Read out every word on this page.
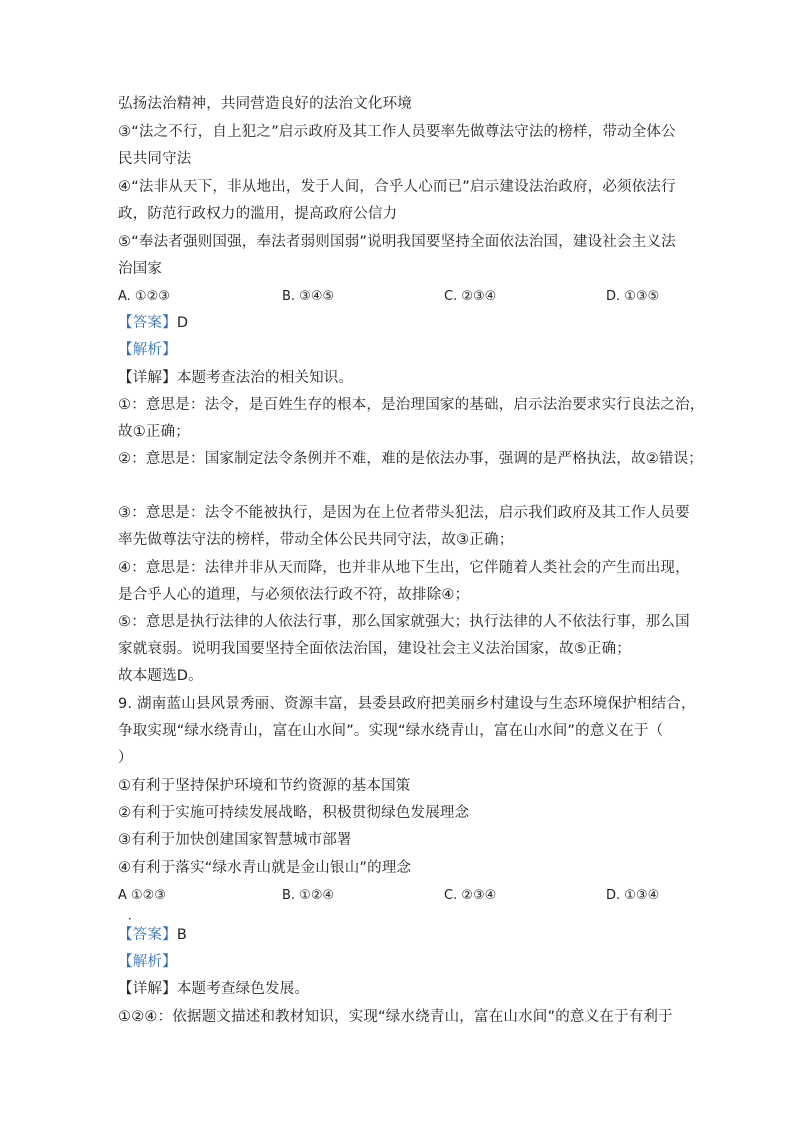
弘扬法治精神，共同营造良好的法治文化环境
③“法之不行，自上犯之”启示政府及其工作人员要率先做尊法守法的榜样，带动全体公
民共同守法
④“法非从天下，非从地出，发于人间，合乎人心而已”启示建设法治政府，必须依法行
政，防范行政权力的滥用，提高政府公信力
⑤“奉法者强则国强，奉法者弱则国弱”说明我国要坚持全面依法治国，建设社会主义法
治国家
A. ①②③	B. ③④⑤	C. ②③④	D. ①③⑤
【答案】D
【解析】
【详解】本题考查法治的相关知识。
①：意思是：法令，是百姓生存的根本，是治理国家的基础，启示法治要求实行良法之治，
故①正确；
②：意思是：国家制定法令条例并不难，难的是依法办事，强调的是严格执法，故②错误；
③：意思是：法令不能被执行，是因为在上位者带头犯法，启示我们政府及其工作人员要
率先做尊法守法的榜样，带动全体公民共同守法，故③正确；
④：意思是：法律并非从天而降，也并非从地下生出，它伴随着人类社会的产生而出现，
是合乎人心的道理，与必须依法行政不符，故排除④；
⑤：意思是执行法律的人依法行事，那么国家就强大；执行法律的人不依法行事，那么国
家就衰弱。说明我国要坚持全面依法治国，建设社会主义法治国家，故⑤正确；
故本题选D。
9. 湖南蓝山县风景秀丽、资源丰富，县委县政府把美丽乡村建设与生态环境保护相结合，
争取实现“绿水绕青山，富在山水间”。实现“绿水绕青山，富在山水间”的意义在于（
）
①有利于坚持保护环境和节约资源的基本国策
②有利于实施可持续发展战略，积极贯彻绿色发展理念
③有利于加快创建国家智慧城市部署
④有利于落实“绿水青山就是金山银山”的理念
A ①②③
．
B. ①②④	C. ②③④	D. ①③④
【答案】B
【解析】
【详解】本题考查绿色发展。
①②④：依据题文描述和教材知识，实现“绿水绕青山，富在山水间”的意义在于有利于
